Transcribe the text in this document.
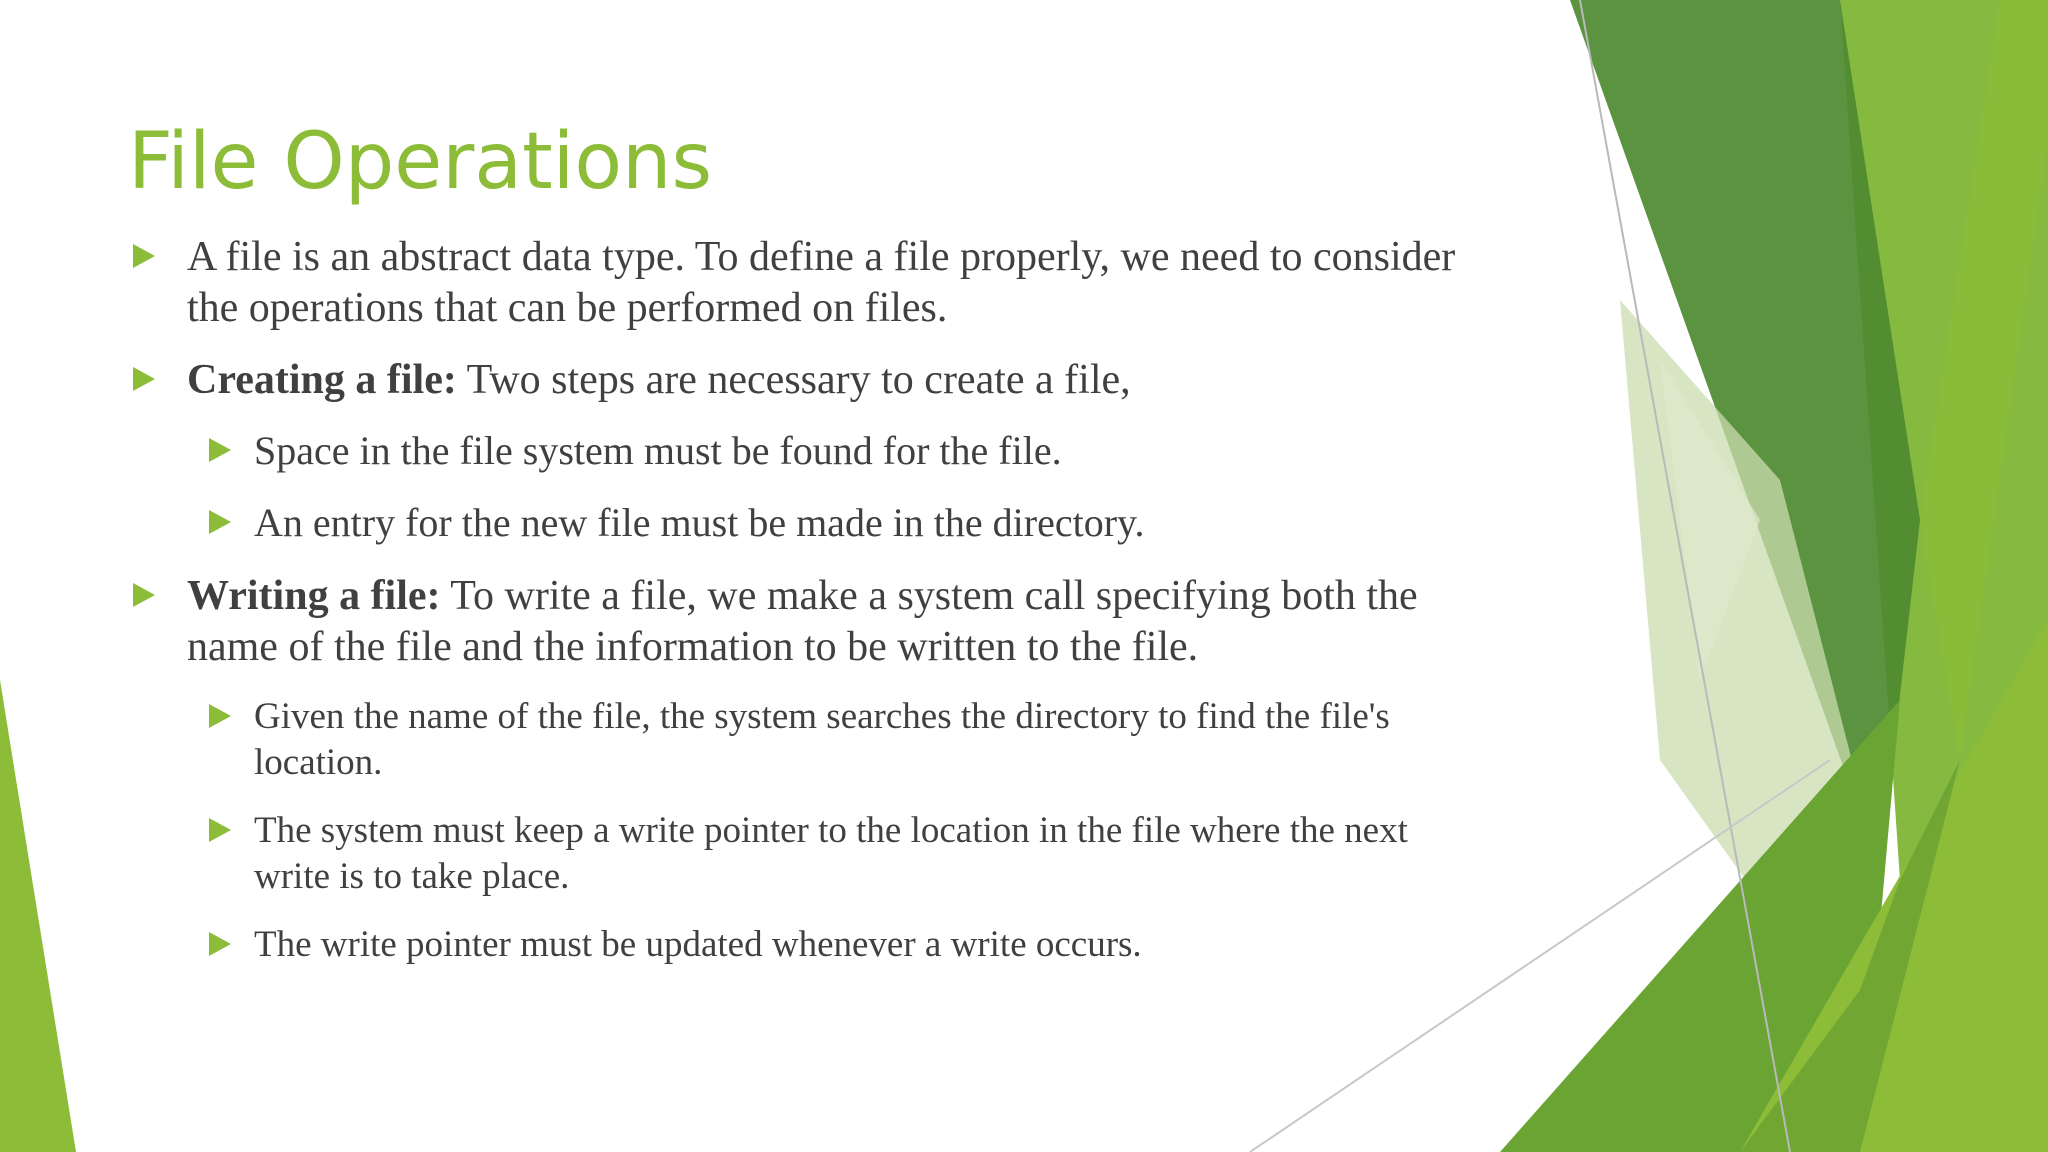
File Operations

A file is an abstract data type. To define a file properly, we need to consider the operations that can be performed on files.

Creating a file: Two steps are necessary to create a file,

Space in the file system must be found for the file.

An entry for the new file must be made in the directory.

Writing a file: To write a file, we make a system call specifying both the name of the file and the information to be written to the file.

Given the name of the file, the system searches the directory to find the file's location.

The system must keep a write pointer to the location in the file where the next write is to take place.

The write pointer must be updated whenever a write occurs.
